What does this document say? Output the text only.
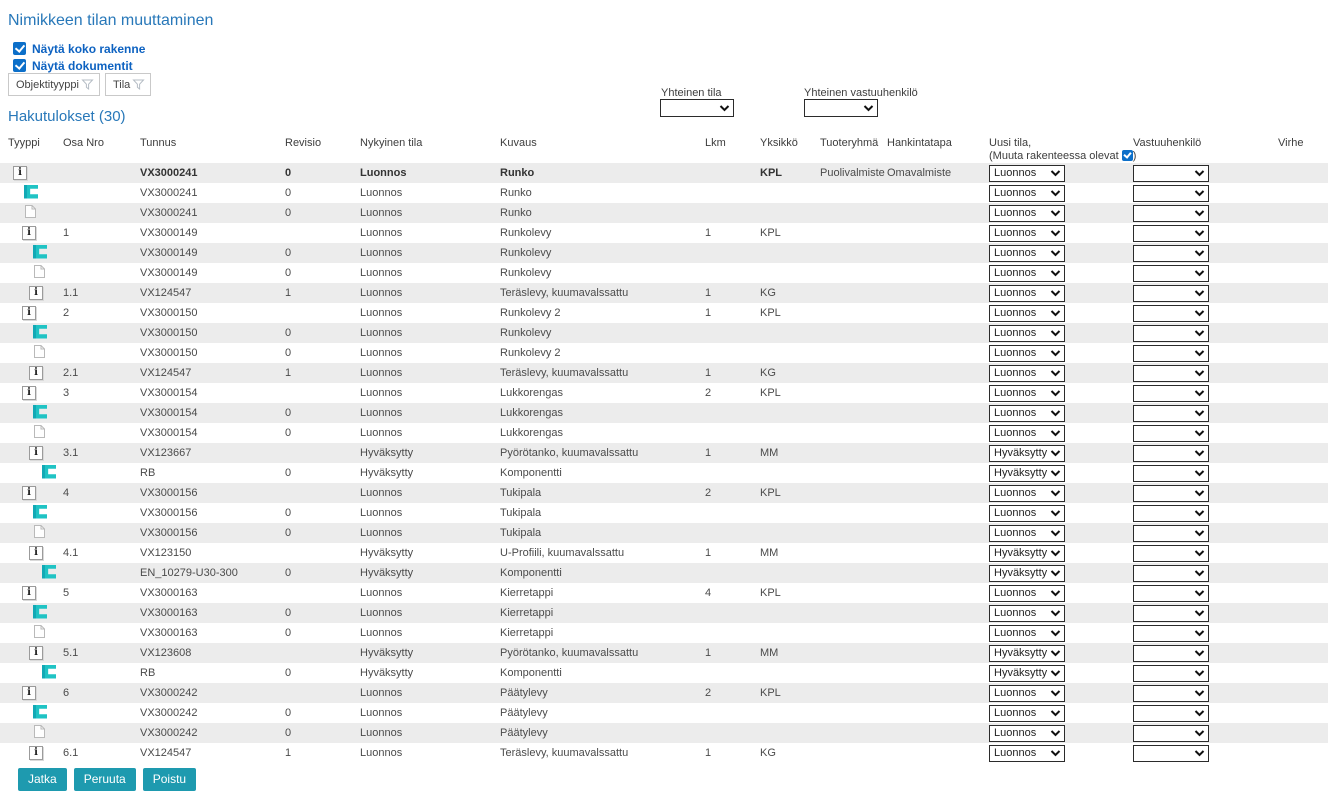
Nimikkeen tilan muuttaminen
Näytä koko rakenne
Näytä dokumentit
Objektityyppi	Tila
Yhteinen tila	Yhteinen vastuuhenkilö
Hakutulokset (30)
Tyyppi	Osa Nro	Tunnus	Revisio	Nykyinen tila	Kuvaus	Lkm	Yksikkö	Tuoteryhmä	Hankintatapa	Uusi tila,
(Muuta rakenteessa olevat )	Vastuuhenkilö	Virhe

i
		VX3000241	0	Luonnos	Runko		KPL	Puolivalmiste	Omavalmiste	Luonnos

		VX3000241	0	Luonnos	Runko					Luonnos

		VX3000241	0	Luonnos	Runko					Luonnos

i
	1	VX3000149		Luonnos	Runkolevy	1	KPL			Luonnos

		VX3000149	0	Luonnos	Runkolevy					Luonnos

		VX3000149	0	Luonnos	Runkolevy					Luonnos

i
	1.1	VX124547	1	Luonnos	Teräslevy, kuumavalssattu	1	KG			Luonnos

i
	2	VX3000150		Luonnos	Runkolevy 2	1	KPL			Luonnos

		VX3000150	0	Luonnos	Runkolevy					Luonnos

		VX3000150	0	Luonnos	Runkolevy 2					Luonnos

i
	2.1	VX124547	1	Luonnos	Teräslevy, kuumavalssattu	1	KG			Luonnos

i
	3	VX3000154		Luonnos	Lukkorengas	2	KPL			Luonnos

		VX3000154	0	Luonnos	Lukkorengas					Luonnos

		VX3000154	0	Luonnos	Lukkorengas					Luonnos

i
	3.1	VX123667		Hyväksytty	Pyörötanko, kuumavalssattu	1	MM			Hyväksytty

		RB	0	Hyväksytty	Komponentti					Hyväksytty

i
	4	VX3000156		Luonnos	Tukipala	2	KPL			Luonnos

		VX3000156	0	Luonnos	Tukipala					Luonnos

		VX3000156	0	Luonnos	Tukipala					Luonnos

i
	4.1	VX123150		Hyväksytty	U-Profiili, kuumavalssattu	1	MM			Hyväksytty

		EN_10279-U30-300	0	Hyväksytty	Komponentti					Hyväksytty

i
	5	VX3000163		Luonnos	Kierretappi	4	KPL			Luonnos

		VX3000163	0	Luonnos	Kierretappi					Luonnos

		VX3000163	0	Luonnos	Kierretappi					Luonnos

i
	5.1	VX123608		Hyväksytty	Pyörötanko, kuumavalssattu	1	MM			Hyväksytty

		RB	0	Hyväksytty	Komponentti					Hyväksytty

i
	6	VX3000242		Luonnos	Päätylevy	2	KPL			Luonnos

		VX3000242	0	Luonnos	Päätylevy					Luonnos

		VX3000242	0	Luonnos	Päätylevy					Luonnos

i
	6.1	VX124547	1	Luonnos	Teräslevy, kuumavalssattu	1	KG			Luonnos

Jatka	Peruuta	Poistu
